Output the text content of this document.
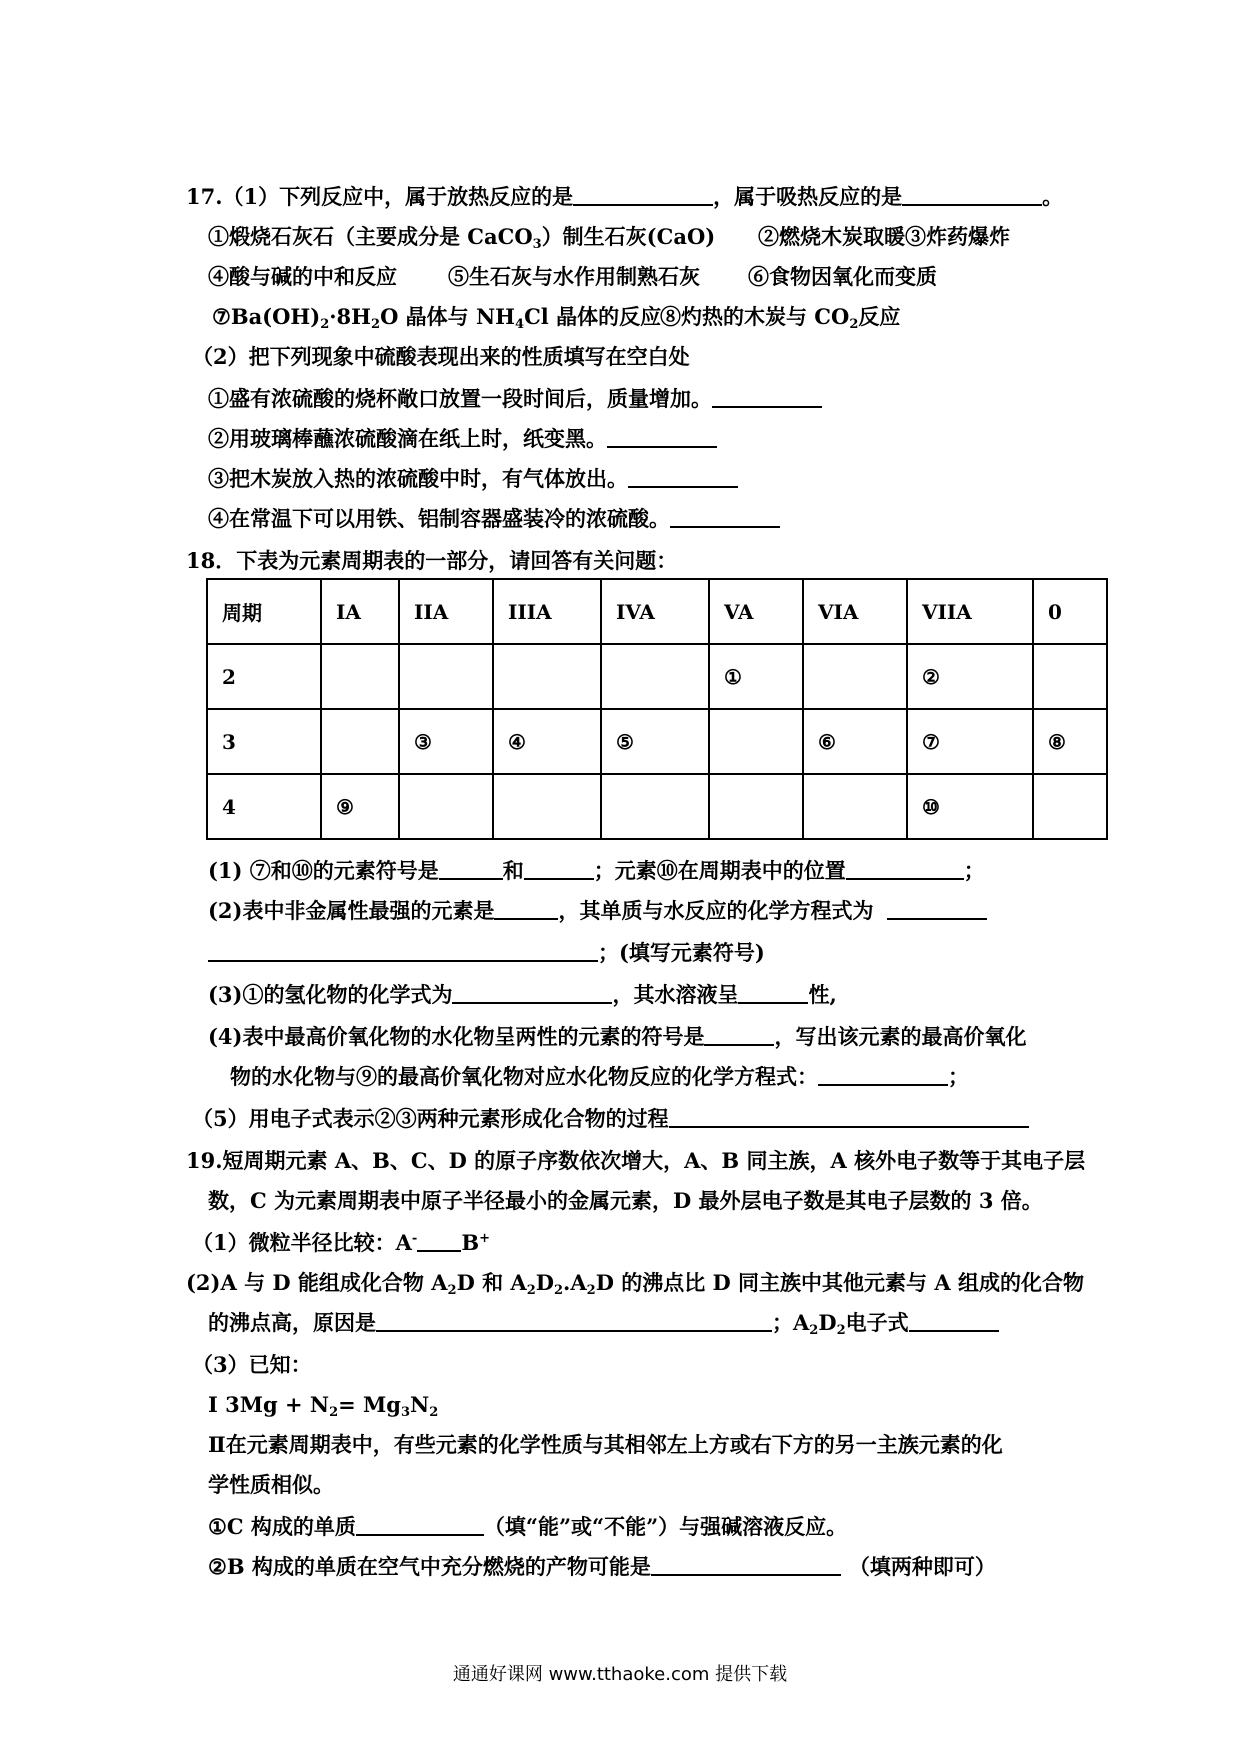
17.（1）下列反应中，属于放热反应的是	，属于吸热反应的是	。
①煅烧石灰石（主要成分是 CaCO$_3$）制生石灰(CaO) ②燃烧木炭取暖③炸药爆炸
④酸与碱的中和反应 ⑤生石灰与水作用制熟石灰 ⑥食物因氧化而变质
$⑦Ba(OH)_2\cdot 8H_2O$ 晶体与 $NH_4Cl$ 晶体的反应
⑧灼热的木炭与 $CO_2$反应
（2）把下列现象中硫酸表现出来的性质填写在空白处
①盛有浓硫酸的烧杯敞口放置一段时间后，质量增加。
②用玻璃棒蘸浓硫酸滴在纸上时，纸变黑。
③把木炭放入热的浓硫酸中时，有气体放出。
④在常温下可以用铁、铝制容器盛装冷的浓硫酸。
18．下表为元素周期表的一部分，请回答有关问题：
周期	IA	IIA	IIIA	IVA	VA	VIA	VIIA	0
2					①		②	
3		③	④	⑤		⑥	⑦	⑧
4	⑨						⑩	
(1) ⑦和⑩的元素符号是	和	；元素⑩在周期表中的位置	；
(2)表中非金属性最强的元素是	，其单质与水反应的化学方程式为
；(填写元素符号)
(3)①的氢化物的化学式为	，其水溶液呈	性,
(4)表中最高价氧化物的水化物呈两性的元素的符号是	，写出该元素的最高价氧化
物的水化物与⑨的最高价氧化物对应水化物反应的化学方程式：	；
（5）用电子式表示②③两种元素形成化合物的过程
19.短周期元素 A、B、C、D 的原子序数依次增大，A、B 同主族，A 核外电子数等于其电子层
数，C 为元素周期表中原子半径最小的金属元素，D 最外层电子数是其电子层数的 3 倍。
（1）微粒半径比较：A- B+
(2)A 与 D 能组成化合物 $A_2D$ 和 $A_2D_2.A_2D$ 的沸点比 D 同主族中其他元素与 A 组成的化合物
的沸点高，原因是	；$A_2D_2$电子式
（3）已知：
Ⅰ $3Mg + N_2= Mg_3N_2$
Ⅱ在元素周期表中，有些元素的化学性质与其相邻左上方或右下方的另一主族元素的化
学性质相似。
①C 构成的单质	（填“能”或“不能”）与强碱溶液反应。
②B 构成的单质在空气中充分燃烧的产物可能是	（填两种即可）
通通好课网 www.tthaoke.com 提供下载
